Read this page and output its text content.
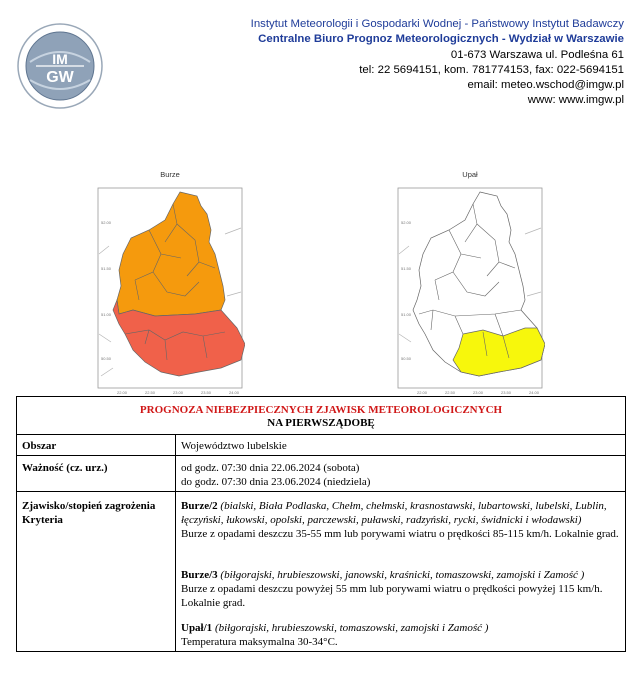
IM
GW
Instytut Meteorologii i Gospodarki Wodnej - Państwowy Instytut Badawczy
Centralne Biuro Prognoz Meteorologicznych - Wydział w Warszawie
01-673 Warszawa ul. Podleśna 61
tel: 22 5694151, kom. 781774153, fax: 022-5694151
email: meteo.wschod@imgw.pl
www: www.imgw.pl
Burze
52.00
51.50
51.00
50.50
22.00	22.50	23.00	23.50	24.00
Upał
52.00
51.50
51.00
50.50
22.00	22.50	23.00	23.50	24.00
PROGNOZA NIEBEZPIECZNYCH ZJAWISK METEOROLOGICZNYCH
NA PIERWSZĄDOBĘ
Obszar	Województwo lubelskie
Ważność (cz. urz.)	od godz. 07:30 dnia 22.06.2024 (sobota)
do godz. 07:30 dnia 23.06.2024 (niedziela)
Zjawisko/stopień zagrożenia
Kryteria
Burze/2 (bialski, Biała Podlaska, Chełm, chełmski, krasnostawski, lubartowski, lubelski, Lublin, łęczyński, łukowski, opolski, parczewski, puławski, radzyński, rycki, świdnicki i włodawski)
Burze z opadami deszczu 35-55 mm lub porywami wiatru o prędkości 85-115 km/h. Lokalnie grad.
Burze/3 (biłgorajski, hrubieszowski, janowski, kraśnicki, tomaszowski, zamojski i Zamość )
Burze z opadami deszczu powyżej 55 mm lub porywami wiatru o prędkości powyżej 115 km/h. Lokalnie grad.
Upał/1 (biłgorajski, hrubieszowski, tomaszowski, zamojski i Zamość )
Temperatura maksymalna 30-34°C.
